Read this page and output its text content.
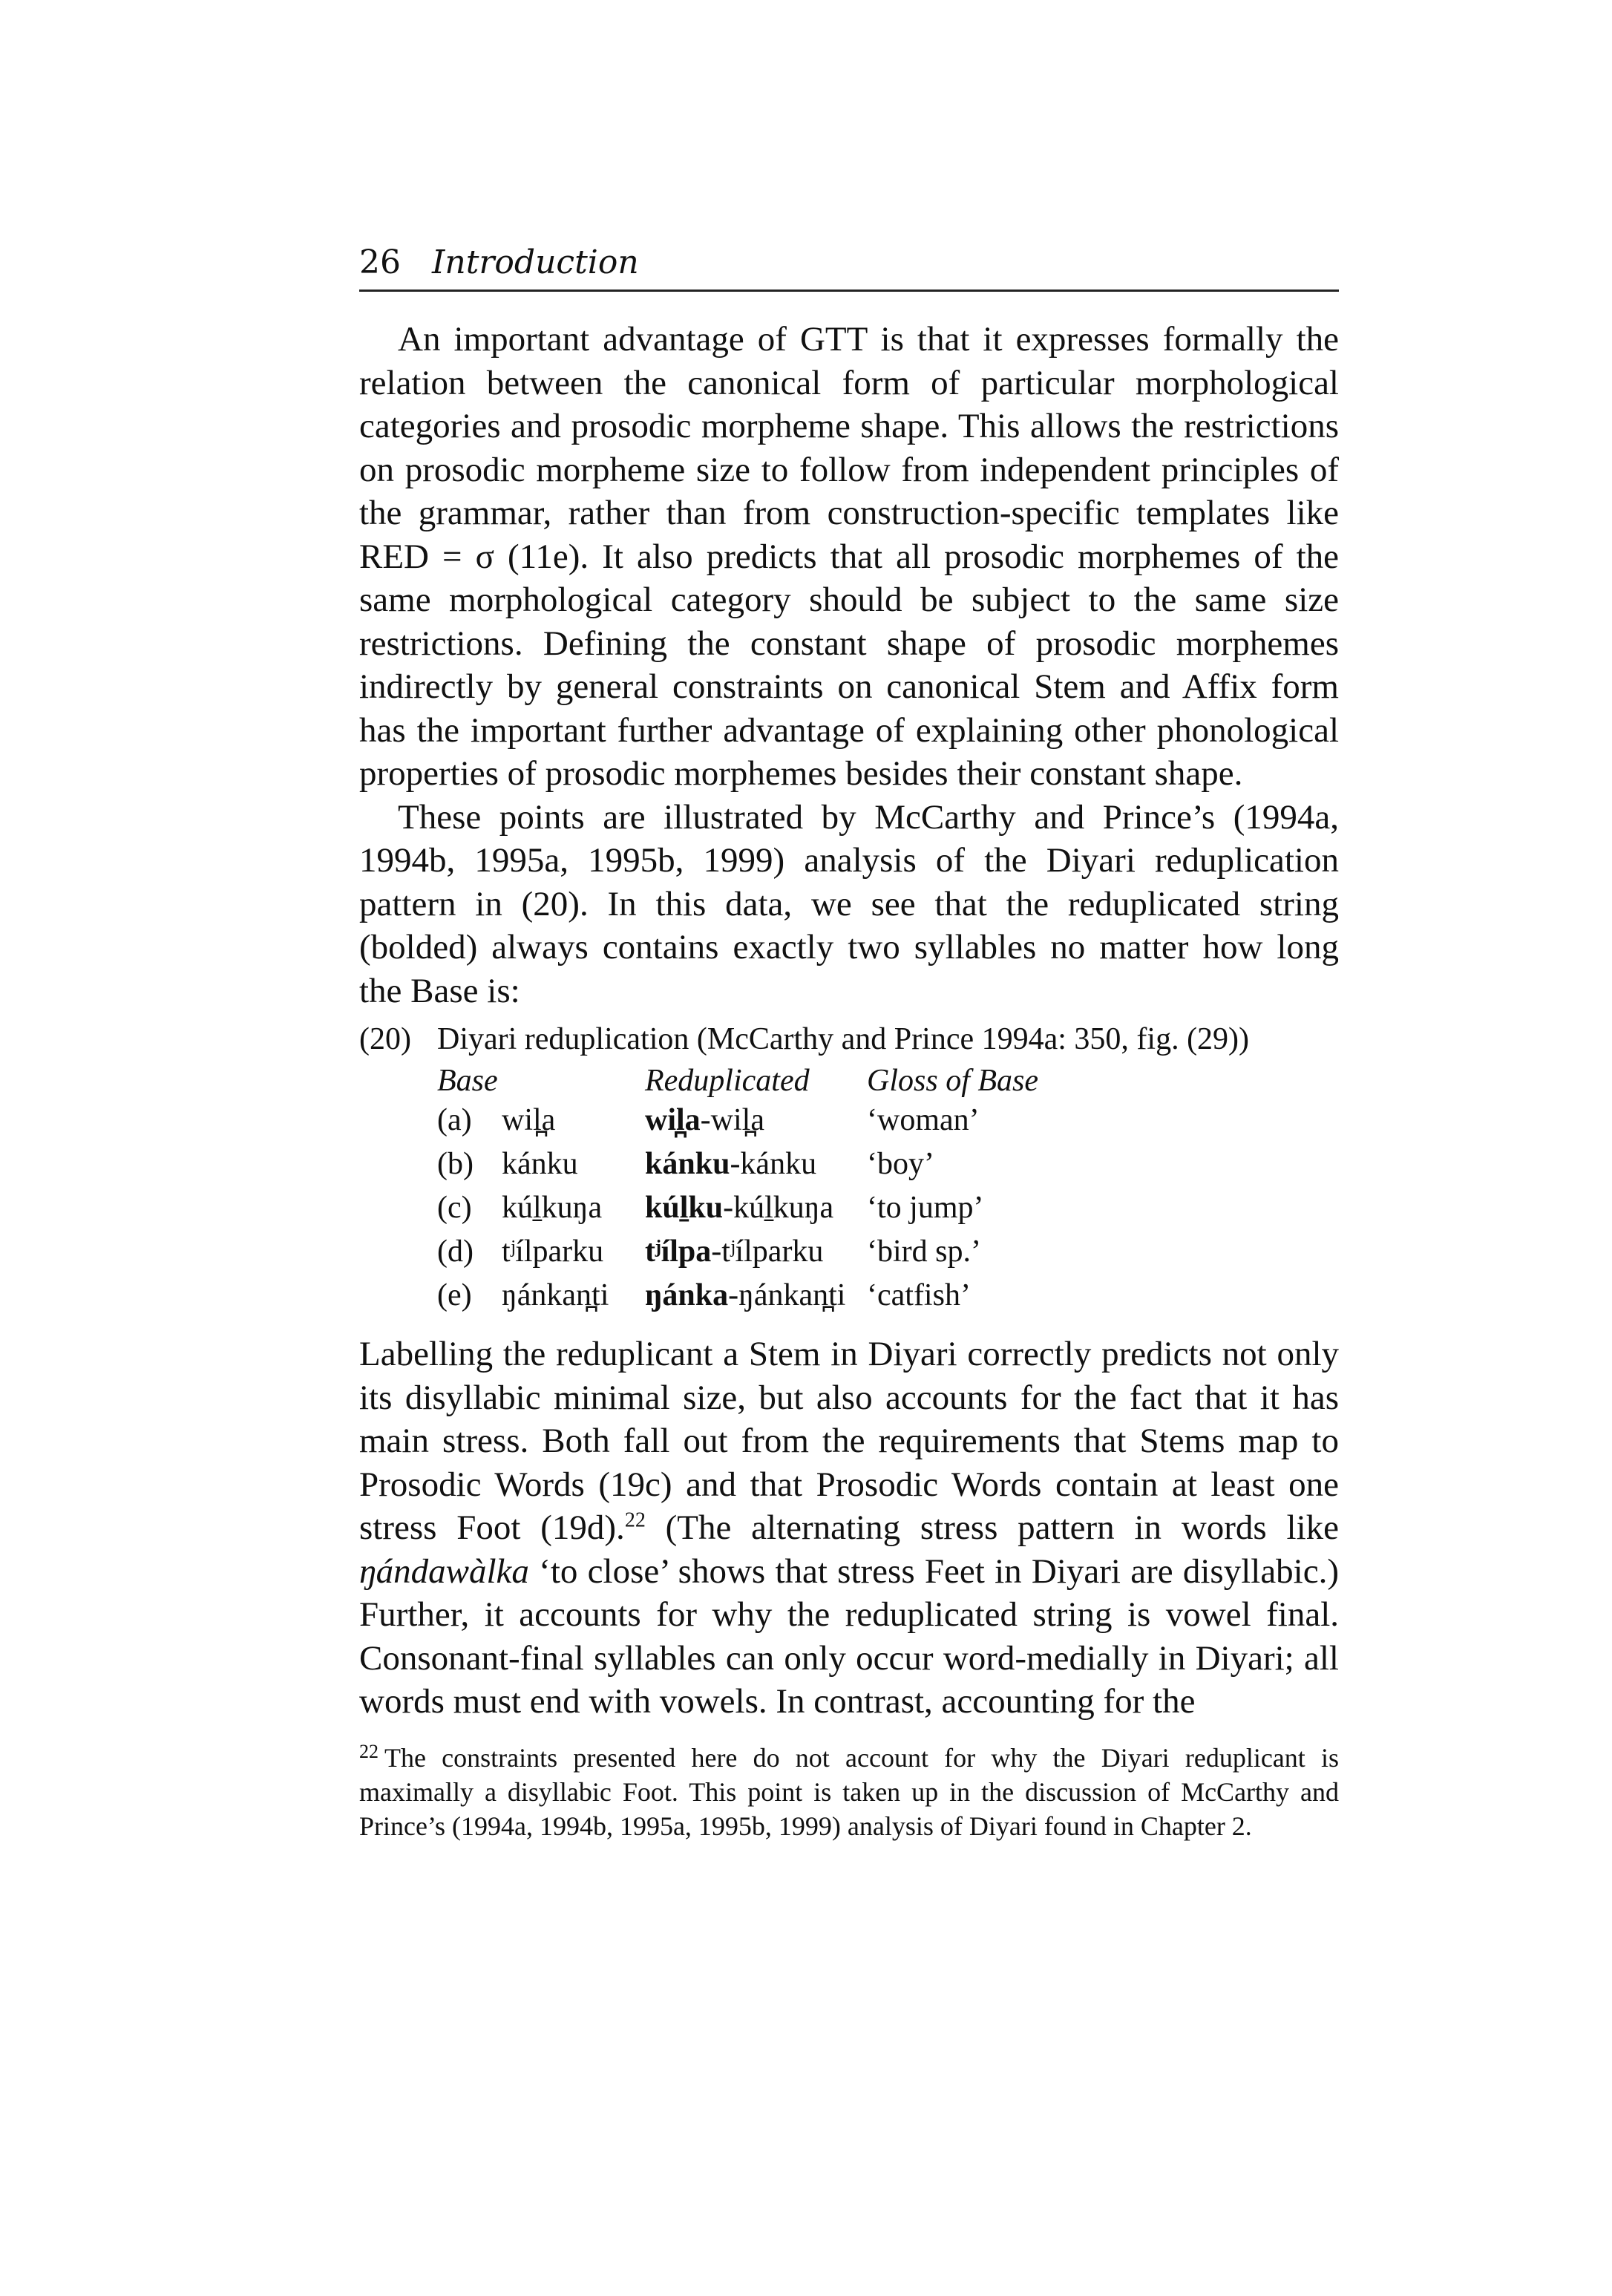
26 Introduction

An important advantage of GTT is that it expresses formally the relation between the canonical form of particular morphological categories and prosodic morpheme shape. This allows the restrictions on prosodic morpheme size to follow from independent principles of the grammar, rather than from construction-specific templates like RED = σ (11e). It also predicts that all prosodic morphemes of the same morphological category should be subject to the same size restrictions. Defining the constant shape of prosodic morphemes indirectly by general constraints on canonical Stem and Affix form has the important further advantage of explaining other phonological properties of prosodic morphemes besides their constant shape.

These points are illustrated by McCarthy and Prince’s (1994a, 1994b, 1995a, 1995b, 1999) analysis of the Diyari reduplication pattern in (20). In this data, we see that the reduplicated string (bolded) always contains exactly two syllables no matter how long the Base is:

(20) Diyari reduplication (McCarthy and Prince 1994a: 350, fig. (29))
Base	Reduplicated Gloss of Base
(a) wil̪a	wil̪a-wil̪a	‘woman’
(b) kánku kánku-kánku ‘boy’
(c) kúḻkuŋa kúḻku-kúḻkuŋa ‘to jump’
(d) tʲílparku tʲílpa-tʲílparku ‘bird sp.’
(e) ŋánkan̪ti ŋánka-ŋánkan̪ti ‘catfish’

Labelling the reduplicant a Stem in Diyari correctly predicts not only its disyllabic minimal size, but also accounts for the fact that it has main stress. Both fall out from the requirements that Stems map to Prosodic Words (19c) and that Prosodic Words contain at least one stress Foot (19d).$^{22}$ (The alternating stress pattern in words like ŋándawàlka ‘to close’ shows that stress Feet in Diyari are disyllabic.) Further, it accounts for why the reduplicated string is vowel final. Consonant-final syllables can only occur word-medially in Diyari; all words must end with vowels. In contrast, accounting for the

$^{22}$ The constraints presented here do not account for why the Diyari reduplicant is maximally a disyllabic Foot. This point is taken up in the discussion of McCarthy and Prince’s (1994a, 1994b, 1995a, 1995b, 1999) analysis of Diyari found in Chapter 2.
